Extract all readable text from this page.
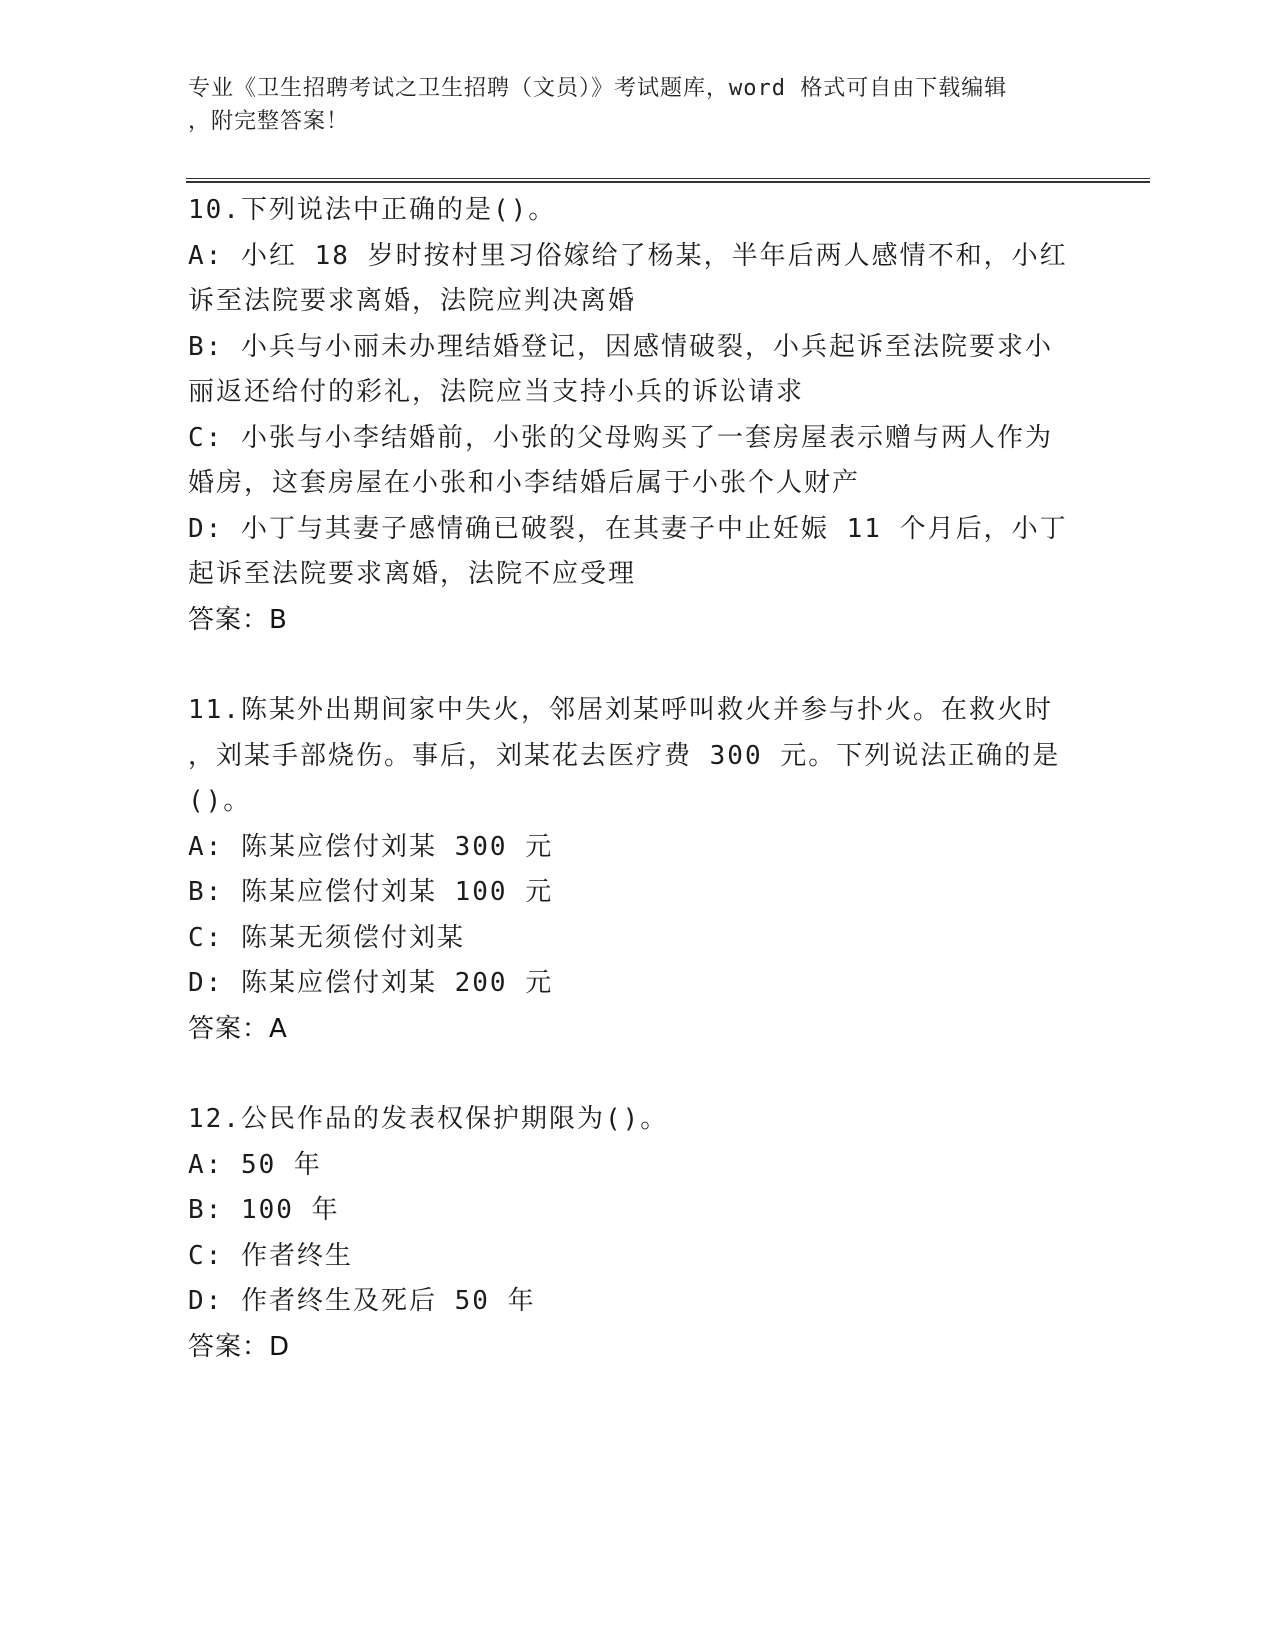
专业《卫生招聘考试之卫生招聘（文员）》考试题库，word 格式可自由下载编辑
，附完整答案！
10.下列说法中正确的是()。
A: 小红 18 岁时按村里习俗嫁给了杨某，半年后两人感情不和，小红
诉至法院要求离婚，法院应判决离婚
B: 小兵与小丽未办理结婚登记，因感情破裂，小兵起诉至法院要求小
丽返还给付的彩礼，法院应当支持小兵的诉讼请求
C: 小张与小李结婚前，小张的父母购买了一套房屋表示赠与两人作为
婚房，这套房屋在小张和小李结婚后属于小张个人财产
D: 小丁与其妻子感情确已破裂，在其妻子中止妊娠 11 个月后，小丁
起诉至法院要求离婚，法院不应受理
答案：B
11.陈某外出期间家中失火，邻居刘某呼叫救火并参与扑火。在救火时
，刘某手部烧伤。事后，刘某花去医疗费 300 元。下列说法正确的是
()。
A: 陈某应偿付刘某 300 元
B: 陈某应偿付刘某 100 元
C: 陈某无须偿付刘某
D: 陈某应偿付刘某 200 元
答案：A
12.公民作品的发表权保护期限为()。
A: 50 年
B: 100 年
C: 作者终生
D: 作者终生及死后 50 年
答案：D
